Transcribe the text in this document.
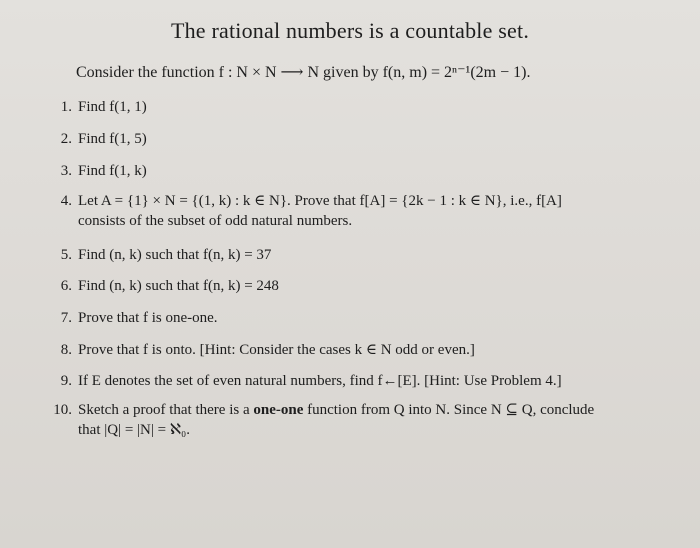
The rational numbers is a countable set.
Consider the function f : N × N ⟶ N given by f(n, m) = 2ⁿ⁻¹(2m − 1).
1. Find f(1, 1)
2. Find f(1, 5)
3. Find f(1, k)
4. Let A = {1} × N = {(1, k) : k ∈ N}. Prove that f[A] = {2k − 1 : k ∈ N}, i.e., f[A]
consists of the subset of odd natural numbers.
5. Find (n, k) such that f(n, k) = 37
6. Find (n, k) such that f(n, k) = 248
7. Prove that f is one-one.
8. Prove that f is onto. [Hint: Consider the cases k ∈ N odd or even.]
9. If E denotes the set of even natural numbers, find f←[E]. [Hint: Use Problem 4.]
10. Sketch a proof that there is a one-one function from Q into N. Since N ⊆ Q, conclude
that |Q| = |N| = ℵ₀.
